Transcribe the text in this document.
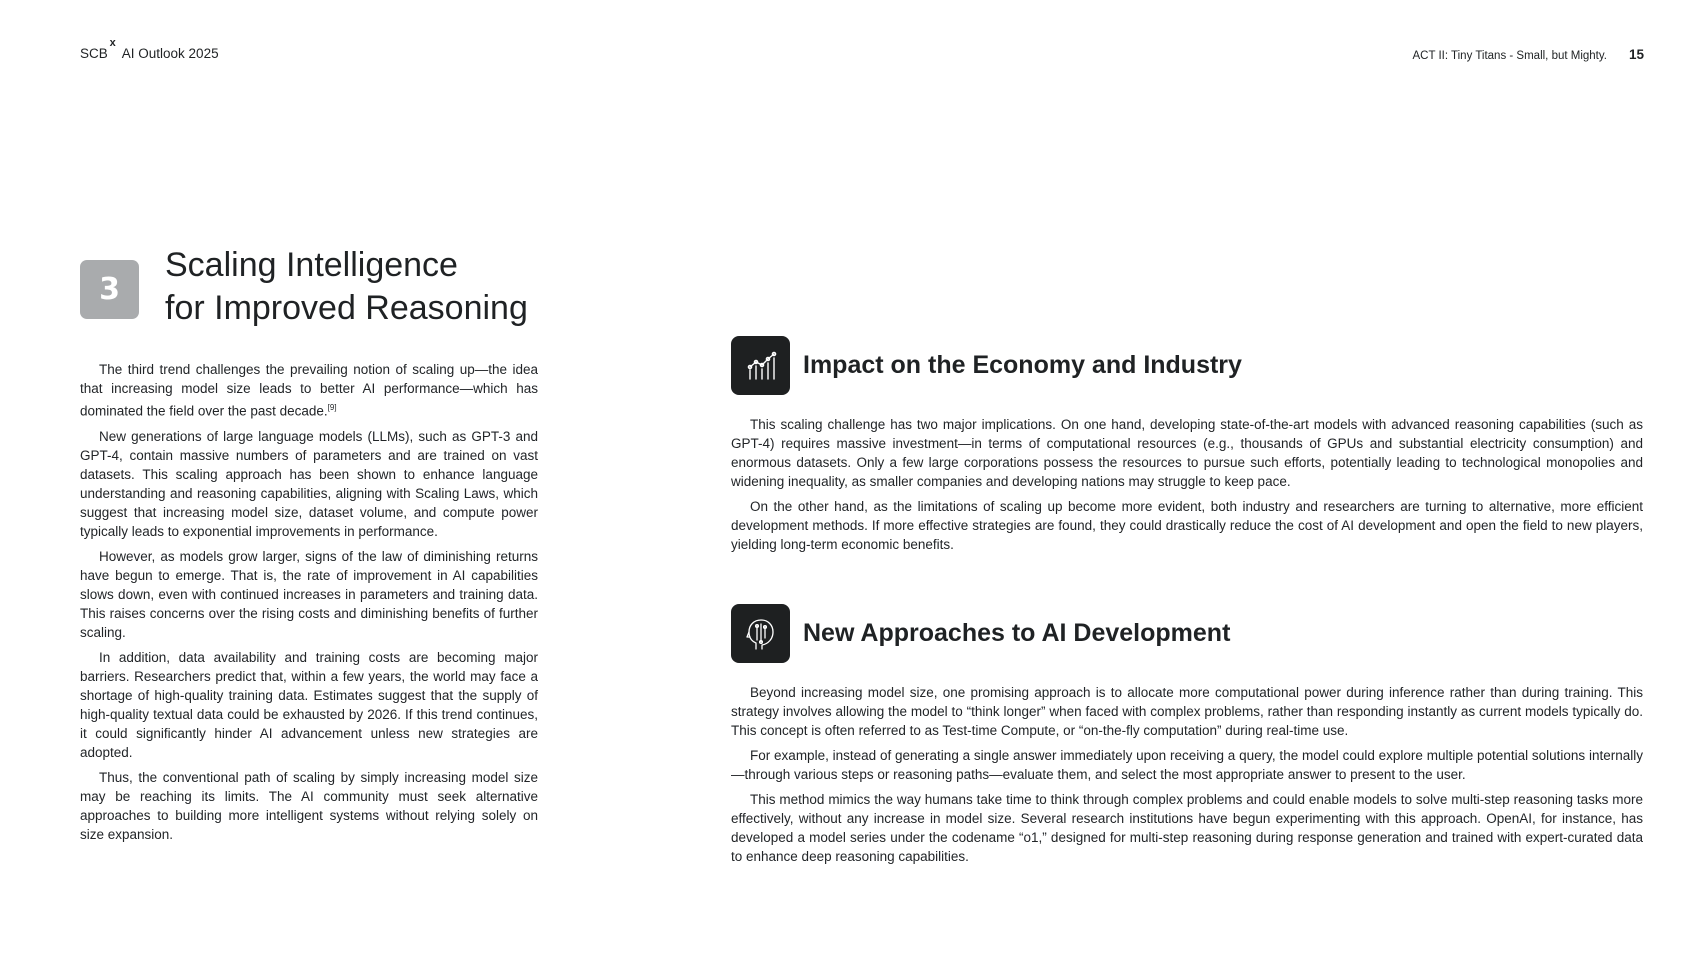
SCB
x
AI Outlook 2025	ACT II: Tiny Titans - Small, but Mighty. 15
3
Scaling Intelligence
for Improved Reasoning

The third trend challenges the prevailing notion of scaling up—the idea that increasing model size leads to better AI performance—which has dominated the field over the past decade.[9]

New generations of large language models (LLMs), such as GPT-3 and GPT-4, contain massive numbers of parameters and are trained on vast datasets. This scaling approach has been shown to enhance language understanding and reasoning capabilities, aligning with Scaling Laws, which suggest that increasing model size, dataset volume, and compute power typically leads to exponential improvements in performance.

However, as models grow larger, signs of the law of diminishing returns have begun to emerge. That is, the rate of improvement in AI capabilities slows down, even with continued increases in parameters and training data. This raises concerns over the rising costs and diminishing benefits of further scaling.

In addition, data availability and training costs are becoming major barriers. Researchers predict that, within a few years, the world may face a shortage of high-quality training data. Estimates suggest that the supply of high-quality textual data could be exhausted by 2026. If this trend continues, it could significantly hinder AI advancement unless new strategies are adopted.

Thus, the conventional path of scaling by simply increasing model size may be reaching its limits. The AI community must seek alternative approaches to building more intelligent systems without relying solely on size expansion.

Impact on the Economy and Industry

This scaling challenge has two major implications. On one hand, developing state-of-the-art models with advanced reasoning capabilities (such as GPT-4) requires massive investment—in terms of computational resources (e.g., thousands of GPUs and substantial electricity consumption) and enormous datasets. Only a few large corporations possess the resources to pursue such efforts, potentially leading to technological monopolies and widening inequality, as smaller companies and developing nations may struggle to keep pace.

On the other hand, as the limitations of scaling up become more evident, both industry and researchers are turning to alternative, more efficient development methods. If more effective strategies are found, they could drastically reduce the cost of AI development and open the field to new players, yielding long-term economic benefits.

New Approaches to AI Development

Beyond increasing model size, one promising approach is to allocate more computational power during inference rather than during training. This strategy involves allowing the model to “think longer” when faced with complex problems, rather than responding instantly as current models typically do. This concept is often referred to as Test-time Compute, or “on-the-fly computation” during real-time use.

For example, instead of generating a single answer immediately upon receiving a query, the model could explore multiple potential solutions internally—through various steps or reasoning paths—evaluate them, and select the most appropriate answer to present to the user.

This method mimics the way humans take time to think through complex problems and could enable models to solve multi-step reasoning tasks more effectively, without any increase in model size. Several research institutions have begun experimenting with this approach. OpenAI, for instance, has developed a model series under the codename “o1,” designed for multi-step reasoning during response generation and trained with expert-curated data to enhance deep reasoning capabilities.
